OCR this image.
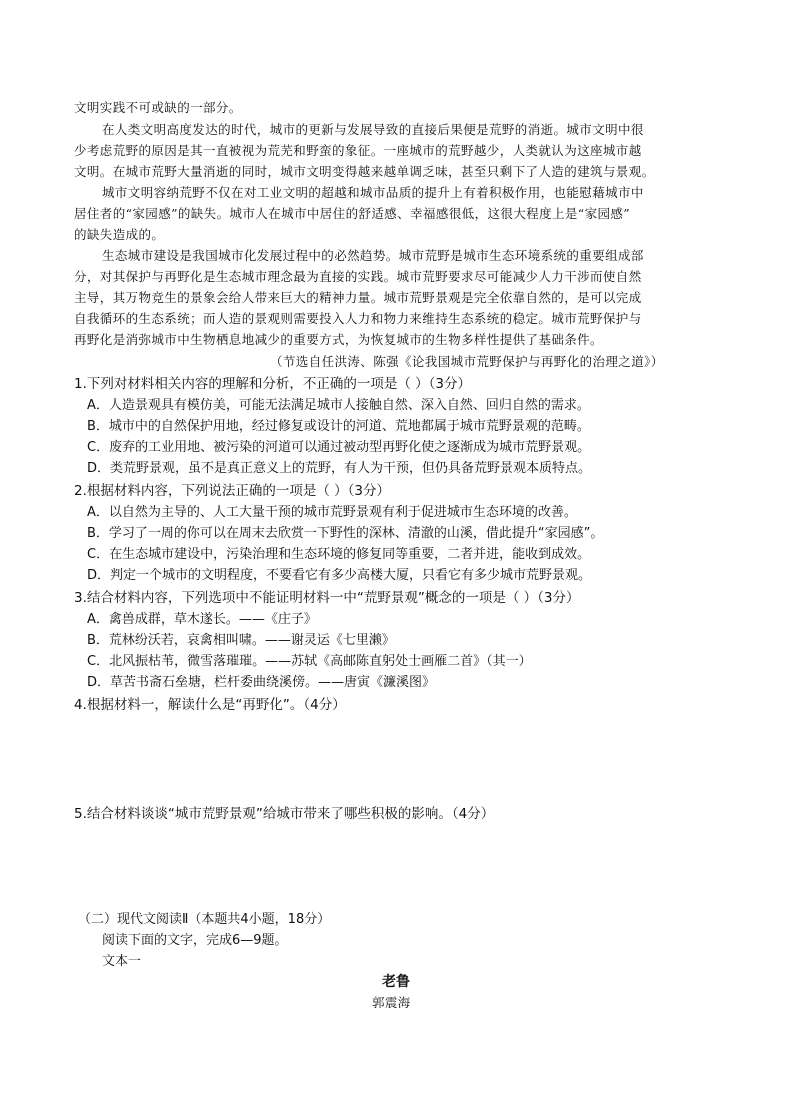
文明实践不可或缺的一部分。
在人类文明高度发达的时代，城市的更新与发展导致的直接后果便是荒野的消逝。城市文明中很
少考虑荒野的原因是其一直被视为荒芜和野蛮的象征。一座城市的荒野越少，人类就认为这座城市越
文明。在城市荒野大量消逝的同时，城市文明变得越来越单调乏味，甚至只剩下了人造的建筑与景观。
城市文明容纳荒野不仅在对工业文明的超越和城市品质的提升上有着积极作用，也能慰藉城市中
居住者的“家园感”的缺失。城市人在城市中居住的舒适感、幸福感很低，这很大程度上是“家园感”
的缺失造成的。
生态城市建设是我国城市化发展过程中的必然趋势。城市荒野是城市生态环境系统的重要组成部
分，对其保护与再野化是生态城市理念最为直接的实践。城市荒野要求尽可能减少人力干涉而使自然
主导，其万物竞生的景象会给人带来巨大的精神力量。城市荒野景观是完全依靠自然的，是可以完成
自我循环的生态系统；而人造的景观则需要投入人力和物力来维持生态系统的稳定。城市荒野保护与
再野化是消弥城市中生物栖息地减少的重要方式，为恢复城市的生物多样性提供了基础条件。
（节选自任洪涛、陈强《论我国城市荒野保护与再野化的治理之道》）
1.下列对材料相关内容的理解和分析，不正确的一项是（ ）（3分）
A．人造景观具有模仿美，可能无法满足城市人接触自然、深入自然、回归自然的需求。
B．城市中的自然保护用地，经过修复或设计的河道、荒地都属于城市荒野景观的范畴。
C．废弃的工业用地、被污染的河道可以通过被动型再野化使之逐渐成为城市荒野景观。
D．类荒野景观，虽不是真正意义上的荒野，有人为干预，但仍具备荒野景观本质特点。
2.根据材料内容，下列说法正确的一项是（ ）（3分）
A．以自然为主导的、人工大量干预的城市荒野景观有利于促进城市生态环境的改善。
B．学习了一周的你可以在周末去欣赏一下野性的深林、清澈的山溪，借此提升“家园感”。
C．在生态城市建设中，污染治理和生态环境的修复同等重要，二者并进，能收到成效。
D．判定一个城市的文明程度，不要看它有多少高楼大厦，只看它有多少城市荒野景观。
3.结合材料内容，下列选项中不能证明材料一中“荒野景观”概念的一项是（ ）（3分）
A．禽兽成群，草木遂长。——《庄子》
B．荒林纷沃若，哀禽相叫啸。——谢灵运《七里濑》
C．北风振枯苇，微雪落璀璀。——苏轼《高邮陈直躬处士画雁二首》（其一）
D．草苦书斋石垒塘，栏杆委曲绕溪傍。——唐寅《濂溪图》
4.根据材料一，解读什么是“再野化”。（4分）
5.结合材料谈谈“城市荒野景观”给城市带来了哪些积极的影响。（4分）
（二）现代文阅读Ⅱ（本题共4小题，18分）
阅读下面的文字，完成6—9题。
文本一
老鲁
郭震海
